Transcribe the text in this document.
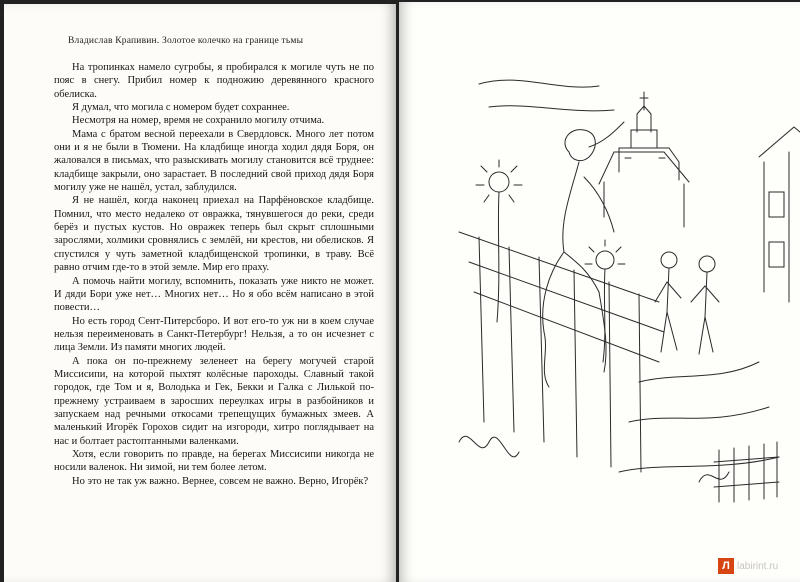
Владислав Крапивин. Золотое колечко на границе тьмы

На тропинках намело сугробы, я пробирался к могиле чуть не по пояс в снегу. Прибил номер к подножию деревянного красного обелиска.

Я думал, что могила с номером будет сохраннее.

Несмотря на номер, время не сохранило могилу отчима.

Мама с братом весной переехали в Свердловск. Много лет потом они и я не были в Тюмени. На кладбище иногда ходил дядя Боря, он жаловался в письмах, что разыскивать могилу становится всё труднее: кладбище закрыли, оно зарастает. В последний свой приход дядя Боря могилу уже не нашёл, устал, заблудился.

Я не нашёл, когда наконец приехал на Парфёновское кладбище. Помнил, что место недалеко от овражка, тянувшегося до реки, среди берёз и пустых кустов. Но овражек теперь был скрыт сплошными зарослями, холмики сровнялись с землёй, ни крестов, ни обелисков. Я спустился у чуть заметной кладбищенской тропинки, в траву. Всё равно отчим где-то в этой земле. Мир его праху.

А помочь найти могилу, вспомнить, показать уже никто не может. И дяди Бори уже нет… Многих нет… Но я обо всём написано в этой повести…

Но есть город Сент-Питерсборо. И вот его-то уж ни в коем случае нельзя переименовать в Санкт-Петербург! Нельзя, а то он исчезнет с лица Земли. Из памяти многих людей.

А пока он по-прежнему зеленеет на берегу могучей старой Миссисипи, на которой пыхтят колёсные пароходы. Славный такой городок, где Том и я, Володька и Гек, Бекки и Галка с Лилькой по-прежнему устраиваем в заросших переулках игры в разбойников и запускаем над речными откосами трепещущих бумажных змеев. А маленький Игорёк Горохов сидит на изгороди, хитро поглядывает на нас и болтает растоптанными валенками.

Хотя, если говорить по правде, на берегах Миссисипи никогда не носили валенок. Ни зимой, ни тем более летом.

Но это не так уж важно. Вернее, совсем не важно. Верно, Игорёк?

Л labirint.ru
